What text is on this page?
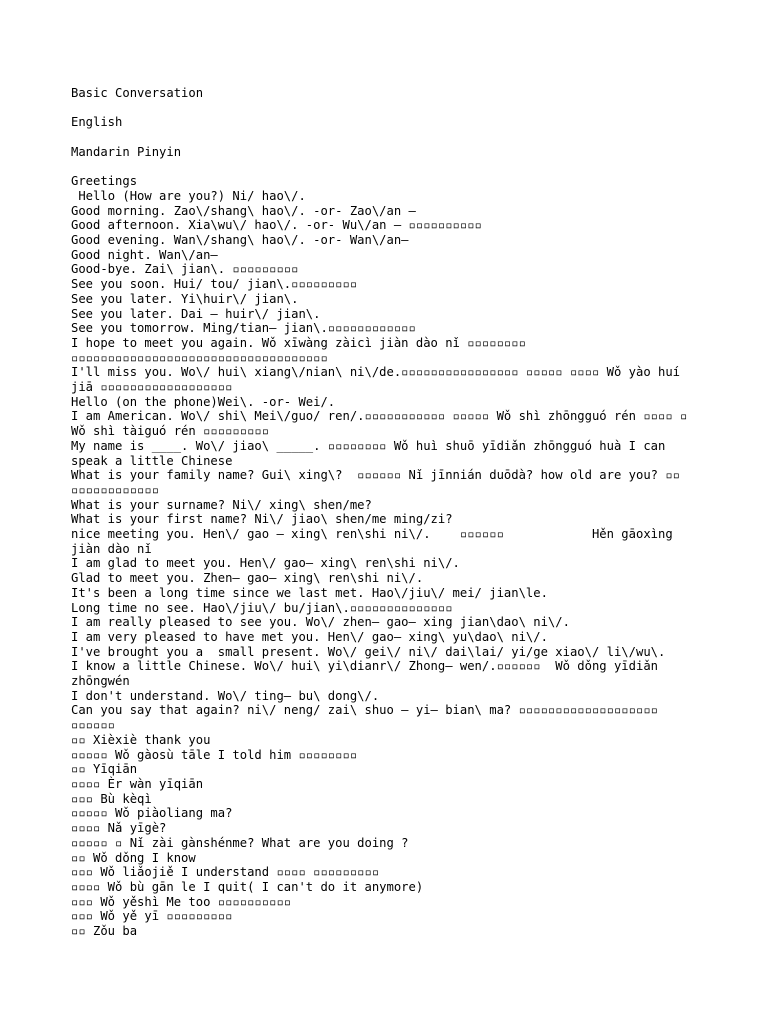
Basic Conversation
English
Mandarin Pinyin
Greetings
Hello (How are you?) Ni/ hao\/.
Good morning. Zao\/shang\ hao\/. -or- Zao\/an —
Good afternoon. Xia\wu\/ hao\/. -or- Wu\/an — ▫▫▫▫▫▫▫▫▫▫
Good evening. Wan\/shang\ hao\/. -or- Wan\/an—
Good night. Wan\/an—
Good-bye. Zai\ jian\. ▫▫▫▫▫▫▫▫▫
See you soon. Hui/ tou/ jian\.▫▫▫▫▫▫▫▫▫
See you later. Yi\huir\/ jian\.
See you later. Dai — huir\/ jian\.
See you tomorrow. Ming/tian— jian\.▫▫▫▫▫▫▫▫▫▫▫▫
I hope to meet you again. Wǒ xīwàng zàicì jiàn dào nǐ ▫▫▫▫▫▫▫▫ ▫▫▫▫▫▫▫▫▫▫▫▫▫▫▫▫▫▫▫▫▫▫▫▫▫▫▫▫▫▫▫▫▫▫▫
I'll miss you. Wo\/ hui\ xiang\/nian\ ni\/de.▫▫▫▫▫▫▫▫▫▫▫▫▫▫▫▫ ▫▫▫▫▫ ▫▫▫▫ Wǒ yào huí jiā ▫▫▫▫▫▫▫▫▫▫▫▫▫▫▫▫▫▫
Hello (on the phone)Wei\. -or- Wei/.
I am American. Wo\/ shi\ Mei\/guo/ ren/.▫▫▫▫▫▫▫▫▫▫▫ ▫▫▫▫▫ Wǒ shì zhōngguó rén ▫▫▫▫ ▫ Wǒ shì tàiguó rén ▫▫▫▫▫▫▫▫▫
My name is ____. Wo\/ jiao\ _____. ▫▫▫▫▫▫▫▫ Wǒ huì shuō yīdiǎn zhōngguó huà I can speak a little Chinese
What is your family name? Gui\ xing\?  ▫▫▫▫▫▫ Nǐ jīnnián duōdà? how old are you? ▫▫ ▫▫▫▫▫▫▫▫▫▫▫▫
What is your surname? Ni\/ xing\ shen/me?
What is your first name? Ni\/ jiao\ shen/me ming/zi?
nice meeting you. Hen\/ gao — xing\ ren\shi ni\/.    ▫▫▫▫▫▫            Hěn gāoxìng jiàn dào nǐ
I am glad to meet you. Hen\/ gao— xing\ ren\shi ni\/.
Glad to meet you. Zhen— gao— xing\ ren\shi ni\/.
It's been a long time since we last met. Hao\/jiu\/ mei/ jian\le.
Long time no see. Hao\/jiu\/ bu/jian\.▫▫▫▫▫▫▫▫▫▫▫▫▫▫
I am really pleased to see you. Wo\/ zhen— gao— xing jian\dao\ ni\/.
I am very pleased to have met you. Hen\/ gao— xing\ yu\dao\ ni\/.
I've brought you a  small present. Wo\/ gei\/ ni\/ dai\lai/ yi/ge xiao\/ li\/wu\.
I know a little Chinese. Wo\/ hui\ yi\dianr\/ Zhong— wen/.▫▫▫▫▫▫  Wǒ dǒng yīdiǎn zhōngwén
I don't understand. Wo\/ ting— bu\ dong\/.
Can you say that again? ni\/ neng/ zai\ shuo — yi— bian\ ma? ▫▫▫▫▫▫▫▫▫▫▫▫▫▫▫▫▫▫▫ ▫▫▫▫▫▫
▫▫ Xièxiè thank you
▫▫▫▫▫ Wǒ gàosù tāle I told him ▫▫▫▫▫▫▫▫
▫▫ Yīqiān
▫▫▫▫ Èr wàn yīqiān
▫▫▫ Bù kèqì
▫▫▫▫▫ Wǒ piàoliang ma?
▫▫▫▫ Nǎ yīgè?
▫▫▫▫▫ ▫ Nǐ zài gànshénme? What are you doing ?
▫▫ Wǒ dǒng I know
▫▫▫ Wǒ liǎojiě I understand ▫▫▫▫ ▫▫▫▫▫▫▫▫▫
▫▫▫▫ Wǒ bù gān le I quit( I can't do it anymore)
▫▫▫ Wǒ yěshì Me too ▫▫▫▫▫▫▫▫▫▫
▫▫▫ Wǒ yě yī ▫▫▫▫▫▫▫▫▫
▫▫ Zǒu ba
